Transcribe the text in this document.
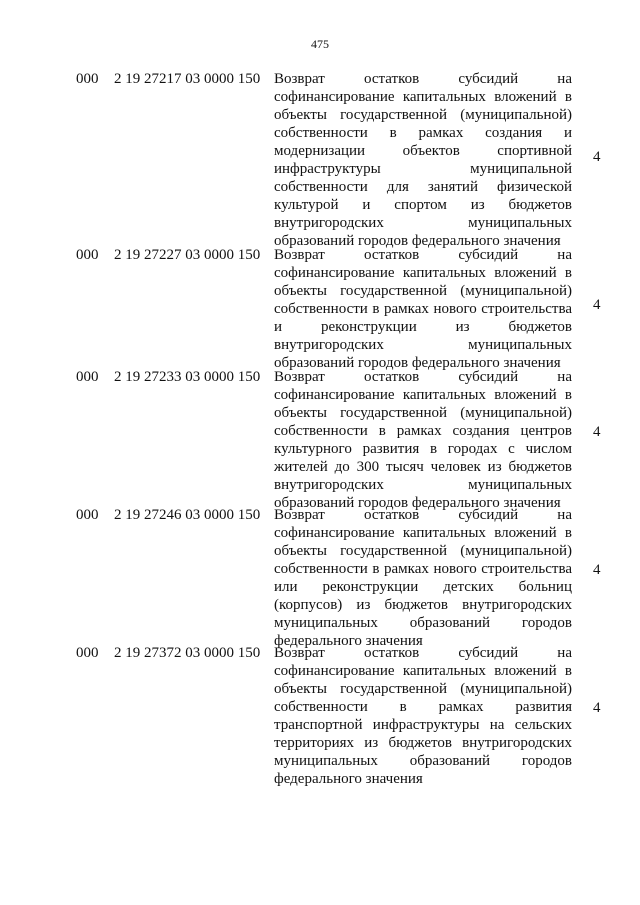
475
000 2 19 27217 03 0000 150 Возврат остатков субсидий на софинансирование капитальных вложений в объекты государственной (муниципальной) собственности в рамках создания и модернизации объектов спортивной инфраструктуры муниципальной собственности для занятий физической культурой и спортом из бюджетов внутригородских муниципальных образований городов федерального значения
4
000 2 19 27227 03 0000 150 Возврат остатков субсидий на софинансирование капитальных вложений в объекты государственной (муниципальной) собственности в рамках нового строительства и реконструкции из бюджетов внутригородских муниципальных образований городов федерального значения
4
000 2 19 27233 03 0000 150 Возврат остатков субсидий на софинансирование капитальных вложений в объекты государственной (муниципальной) собственности в рамках создания центров культурного развития в городах с числом жителей до 300 тысяч человек из бюджетов внутригородских муниципальных образований городов федерального значения
4
000 2 19 27246 03 0000 150 Возврат остатков субсидий на софинансирование капитальных вложений в объекты государственной (муниципальной) собственности в рамках нового строительства или реконструкции детских больниц (корпусов) из бюджетов внутригородских муниципальных образований городов федерального значения
4
000 2 19 27372 03 0000 150 Возврат остатков субсидий на софинансирование капитальных вложений в объекты государственной (муниципальной) собственности в рамках развития транспортной инфраструктуры на сельских территориях из бюджетов внутригородских муниципальных образований городов федерального значения
4
